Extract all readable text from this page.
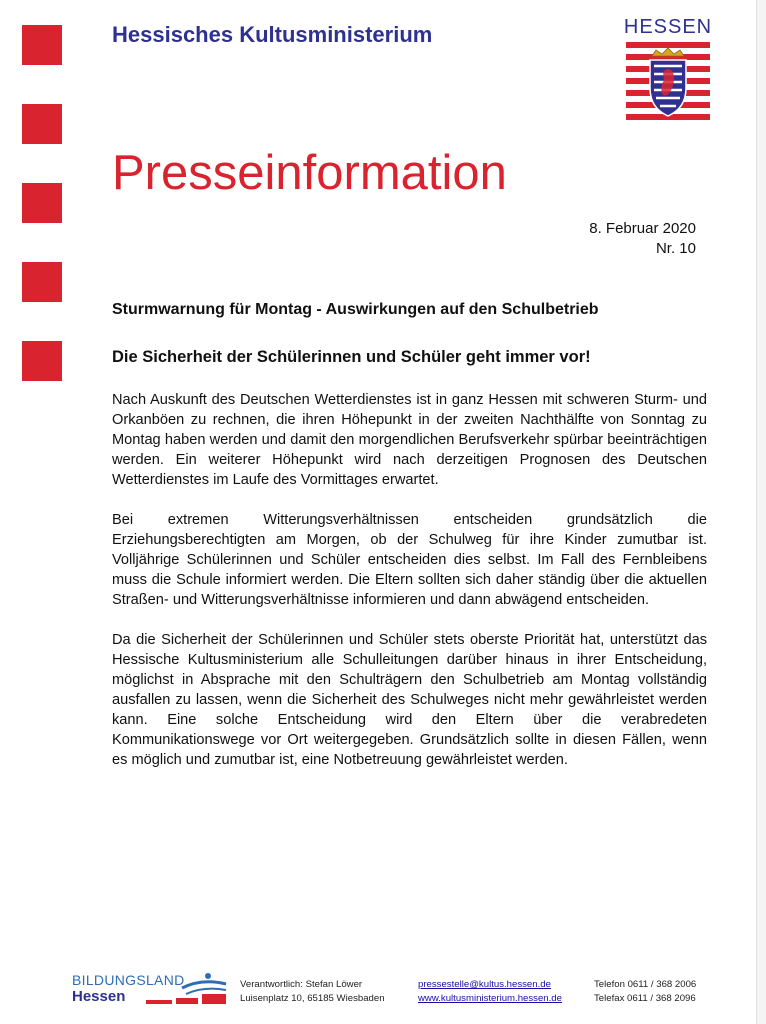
Hessisches Kultusministerium	HESSEN
Presseinformation
8. Februar 2020
Nr. 10
Sturmwarnung für Montag - Auswirkungen auf den Schulbetrieb
Die Sicherheit der Schülerinnen und Schüler geht immer vor!

Nach Auskunft des Deutschen Wetterdienstes ist in ganz Hessen mit schweren Sturm- und Orkanböen zu rechnen, die ihren Höhepunkt in der zweiten Nachthälfte von Sonntag zu Montag haben werden und damit den morgendlichen Berufsverkehr spürbar beeinträchtigen werden. Ein weiterer Höhepunkt wird nach derzeitigen Prognosen des Deutschen Wetterdienstes im Laufe des Vormittages erwartet.

Bei extremen Witterungsverhältnissen entscheiden grundsätzlich die Erziehungsberechtigten am Morgen, ob der Schulweg für ihre Kinder zumutbar ist. Volljährige Schülerinnen und Schüler entscheiden dies selbst. Im Fall des Fernbleibens muss die Schule informiert werden. Die Eltern sollten sich daher ständig über die aktuellen Straßen- und Witterungsverhältnisse informieren und dann abwägend entscheiden.

Da die Sicherheit der Schülerinnen und Schüler stets oberste Priorität hat, unterstützt das Hessische Kultusministerium alle Schulleitungen darüber hinaus in ihrer Entscheidung, möglichst in Absprache mit den Schulträgern den Schulbetrieb am Montag vollständig ausfallen zu lassen, wenn die Sicherheit des Schulweges nicht mehr gewährleistet werden kann. Eine solche Entscheidung wird den Eltern über die verabredeten Kommunikationswege vor Ort weitergegeben. Grundsätzlich sollte in diesen Fällen, wenn es möglich und zumutbar ist, eine Notbetreuung gewährleistet werden.

BILDUNGSLAND
Hessen
Verantwortlich: Stefan Löwer
Luisenplatz 10, 65185 Wiesbaden
pressestelle@kultus.hessen.de
www.kultusministerium.hessen.de
Telefon 0611 / 368 2006
Telefax 0611 / 368 2096
